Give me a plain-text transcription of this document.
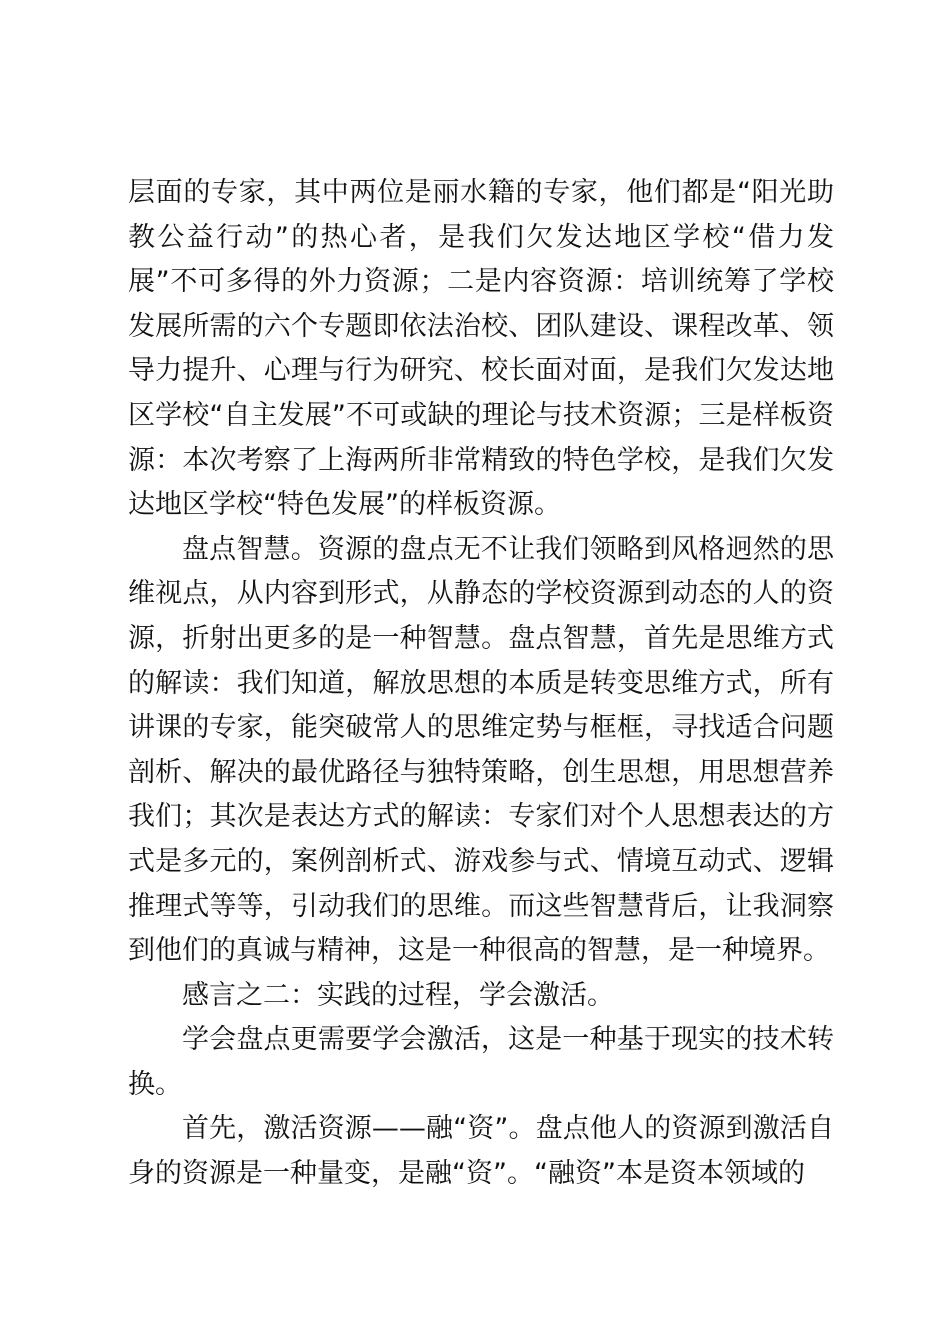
层面的专家，其中两位是丽水籍的专家，他们都是“阳光助教公益行动”的热心者，是我们欠发达地区学校“借力发展”不可多得的外力资源；二是内容资源：培训统筹了学校发展所需的六个专题即依法治校、团队建设、课程改革、领导力提升、心理与行为研究、校长面对面，是我们欠发达地区学校“自主发展”不可或缺的理论与技术资源；三是样板资源：本次考察了上海两所非常精致的特色学校，是我们欠发达地区学校“特色发展”的样板资源。

盘点智慧。资源的盘点无不让我们领略到风格迥然的思维视点，从内容到形式，从静态的学校资源到动态的人的资源，折射出更多的是一种智慧。盘点智慧，首先是思维方式的解读：我们知道，解放思想的本质是转变思维方式，所有讲课的专家，能突破常人的思维定势与框框，寻找适合问题剖析、解决的最优路径与独特策略，创生思想，用思想营养我们；其次是表达方式的解读：专家们对个人思想表达的方式是多元的，案例剖析式、游戏参与式、情境互动式、逻辑推理式等等，引动我们的思维。而这些智慧背后，让我洞察到他们的真诚与精神，这是一种很高的智慧，是一种境界。

感言之二：实践的过程，学会激活。

学会盘点更需要学会激活，这是一种基于现实的技术转换。

首先，激活资源——融“资”。盘点他人的资源到激活自身的资源是一种量变，是融“资”。“融资”本是资本领域的
